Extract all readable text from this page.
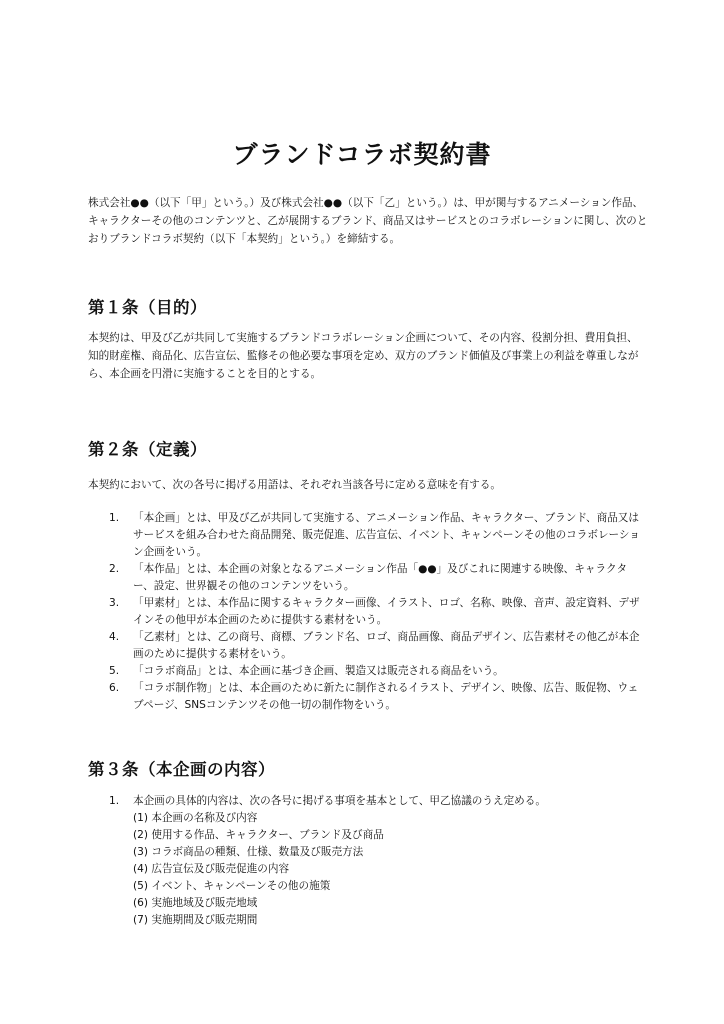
ブランドコラボ契約書

株式会社●●（以下「甲」という。）及び株式会社●●（以下「乙」という。）は、甲が関与するアニメーション作品、キャラクターその他のコンテンツと、乙が展開するブランド、商品又はサービスとのコラボレーションに関し、次のとおりブランドコラボ契約（以下「本契約」という。）を締結する。

第１条（目的）

本契約は、甲及び乙が共同して実施するブランドコラボレーション企画について、その内容、役割分担、費用負担、知的財産権、商品化、広告宣伝、監修その他必要な事項を定め、双方のブランド価値及び事業上の利益を尊重しながら、本企画を円滑に実施することを目的とする。

第２条（定義）

本契約において、次の各号に掲げる用語は、それぞれ当該各号に定める意味を有する。

1.	「本企画」とは、甲及び乙が共同して実施する、アニメーション作品、キャラクター、ブランド、商品又はサービスを組み合わせた商品開発、販売促進、広告宣伝、イベント、キャンペーンその他のコラボレーション企画をいう。
2.	「本作品」とは、本企画の対象となるアニメーション作品「●●」及びこれに関連する映像、キャラクター、設定、世界観その他のコンテンツをいう。
3.	「甲素材」とは、本作品に関するキャラクター画像、イラスト、ロゴ、名称、映像、音声、設定資料、デザインその他甲が本企画のために提供する素材をいう。
4.	「乙素材」とは、乙の商号、商標、ブランド名、ロゴ、商品画像、商品デザイン、広告素材その他乙が本企画のために提供する素材をいう。
5.	「コラボ商品」とは、本企画に基づき企画、製造又は販売される商品をいう。
6.	「コラボ制作物」とは、本企画のために新たに制作されるイラスト、デザイン、映像、広告、販促物、ウェブページ、SNSコンテンツその他一切の制作物をいう。
第３条（本企画の内容）
1.	本企画の具体的内容は、次の各号に掲げる事項を基本として、甲乙協議のうえ定める。
(1) 本企画の名称及び内容
(2) 使用する作品、キャラクター、ブランド及び商品
(3) コラボ商品の種類、仕様、数量及び販売方法
(4) 広告宣伝及び販売促進の内容
(5) イベント、キャンペーンその他の施策
(6) 実施地域及び販売地域
(7) 実施期間及び販売期間
